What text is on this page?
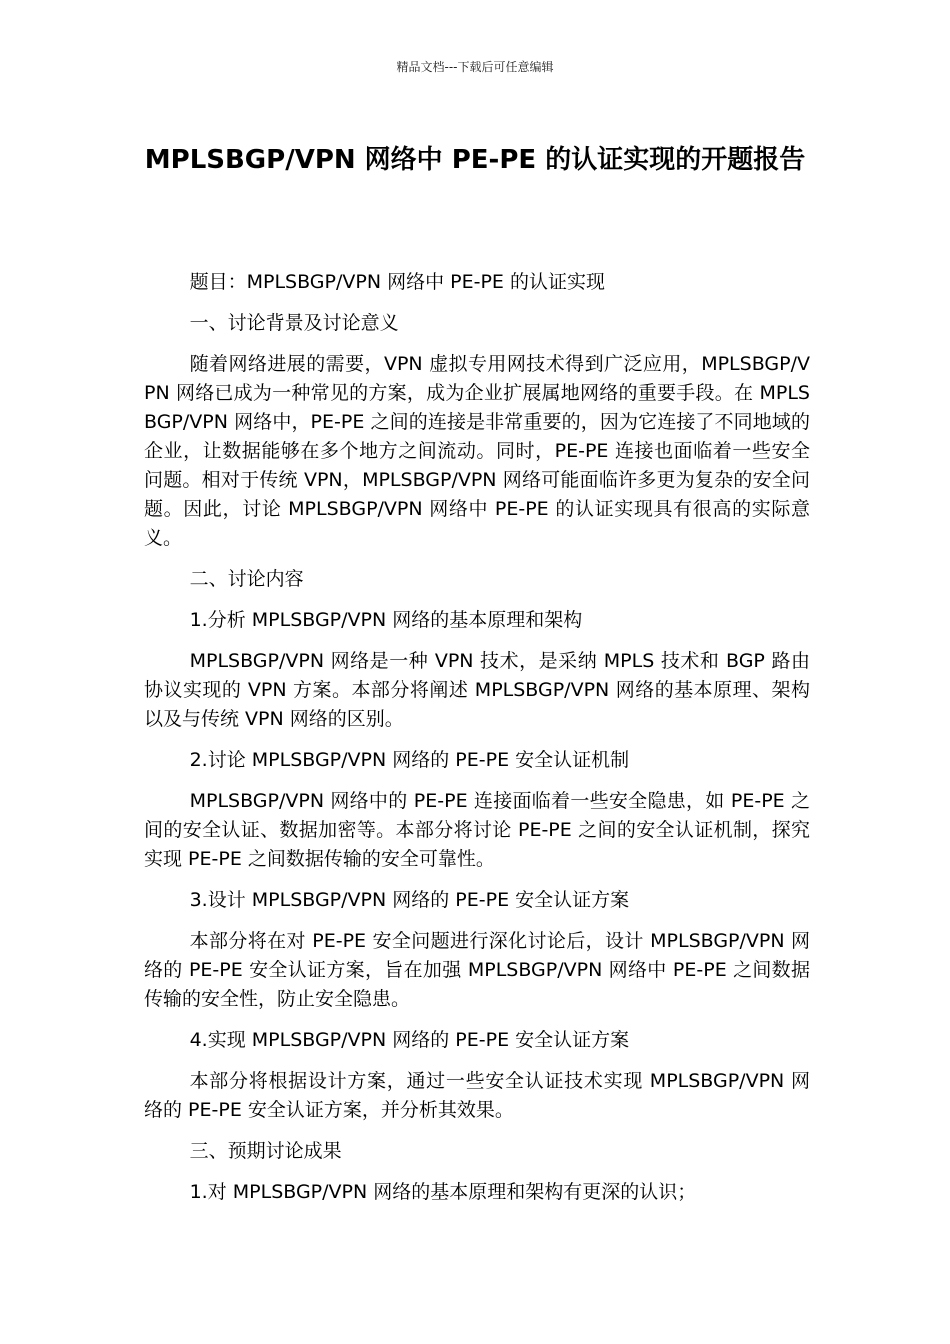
精品文档---下载后可任意编辑
MPLSBGP/VPN 网络中 PE-PE 的认证实现的开题报告

题目：MPLSBGP/VPN 网络中 PE-PE 的认证实现

一、讨论背景及讨论意义

随着网络进展的需要，VPN 虚拟专用网技术得到广泛应用，MPLSBGP/VPN 网络已成为一种常见的方案，成为企业扩展属地网络的重要手段。在 MPLSBGP/VPN 网络中，PE-PE 之间的连接是非常重要的，因为它连接了不同地域的企业，让数据能够在多个地方之间流动。同时，PE-PE 连接也面临着一些安全问题。相对于传统 VPN，MPLSBGP/VPN 网络可能面临许多更为复杂的安全问题。因此，讨论 MPLSBGP/VPN 网络中 PE-PE 的认证实现具有很高的实际意义。

二、讨论内容

1.分析 MPLSBGP/VPN 网络的基本原理和架构

MPLSBGP/VPN 网络是一种 VPN 技术，是采纳 MPLS 技术和 BGP 路由协议实现的 VPN 方案。本部分将阐述 MPLSBGP/VPN 网络的基本原理、架构以及与传统 VPN 网络的区别。

2.讨论 MPLSBGP/VPN 网络的 PE-PE 安全认证机制

MPLSBGP/VPN 网络中的 PE-PE 连接面临着一些安全隐患，如 PE-PE 之间的安全认证、数据加密等。本部分将讨论 PE-PE 之间的安全认证机制，探究实现 PE-PE 之间数据传输的安全可靠性。

3.设计 MPLSBGP/VPN 网络的 PE-PE 安全认证方案

本部分将在对 PE-PE 安全问题进行深化讨论后，设计 MPLSBGP/VPN 网络的 PE-PE 安全认证方案，旨在加强 MPLSBGP/VPN 网络中 PE-PE 之间数据传输的安全性，防止安全隐患。

4.实现 MPLSBGP/VPN 网络的 PE-PE 安全认证方案

本部分将根据设计方案，通过一些安全认证技术实现 MPLSBGP/VPN 网络的 PE-PE 安全认证方案，并分析其效果。

三、预期讨论成果

1.对 MPLSBGP/VPN 网络的基本原理和架构有更深的认识；
